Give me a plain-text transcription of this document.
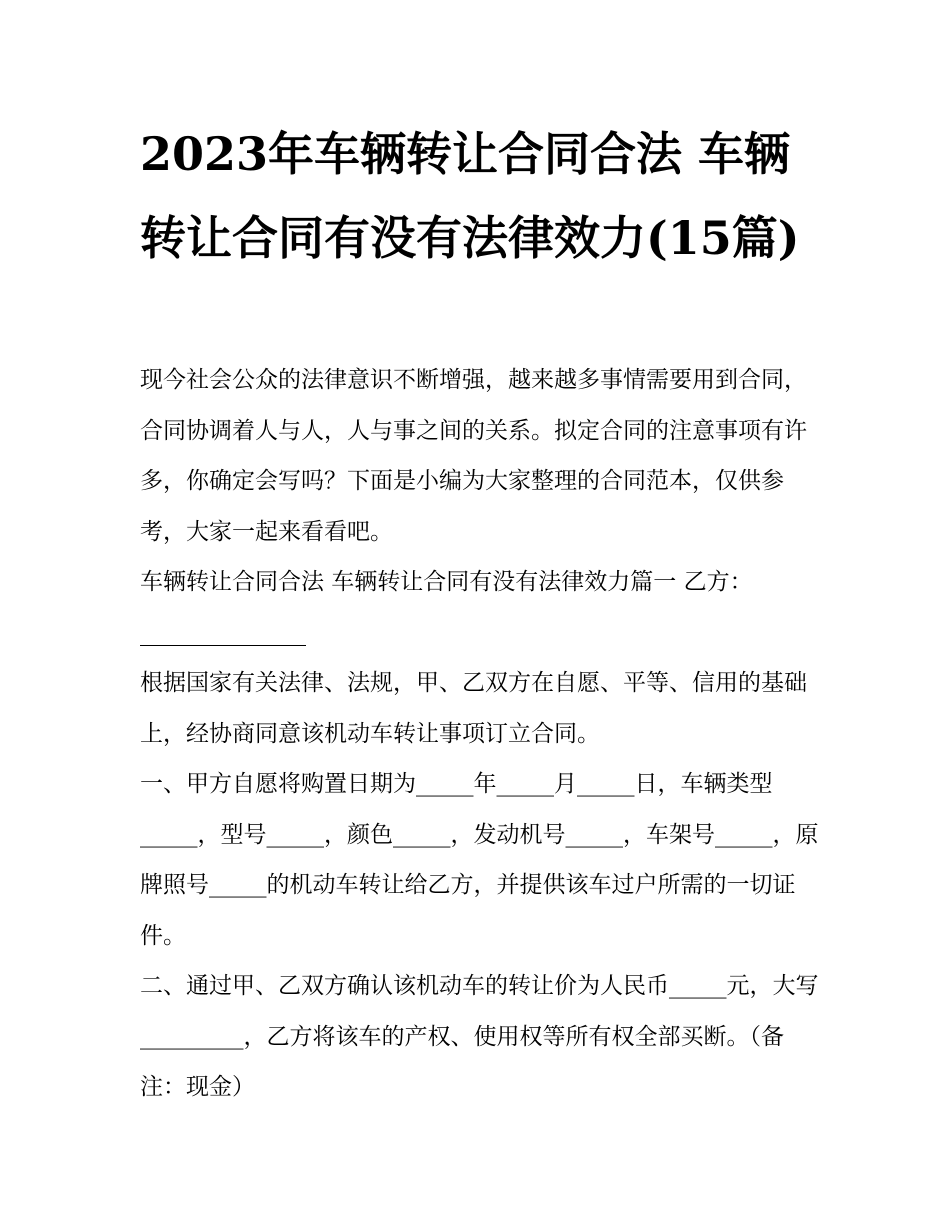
2023年车辆转让合同合法 车辆转让合同有没有法律效力(15篇)

现今社会公众的法律意识不断增强，越来越多事情需要用到合同，合同协调着人与人，人与事之间的关系。拟定合同的注意事项有许多，你确定会写吗？下面是小编为大家整理的合同范本，仅供参考，大家一起来看看吧。

车辆转让合同合法 车辆转让合同有没有法律效力篇一 乙方：

根据国家有关法律、法规，甲、乙双方在自愿、平等、信用的基础上，经协商同意该机动车转让事项订立合同。

一、甲方自愿将购置日期为_____年_____月_____日，车辆类型_____，型号_____，颜色_____，发动机号_____，车架号_____，原牌照号_____的机动车转让给乙方，并提供该车过户所需的一切证件。

二、通过甲、乙双方确认该机动车的转让价为人民币_____元，大写_________，乙方将该车的产权、使用权等所有权全部买断。（备注：现金）
